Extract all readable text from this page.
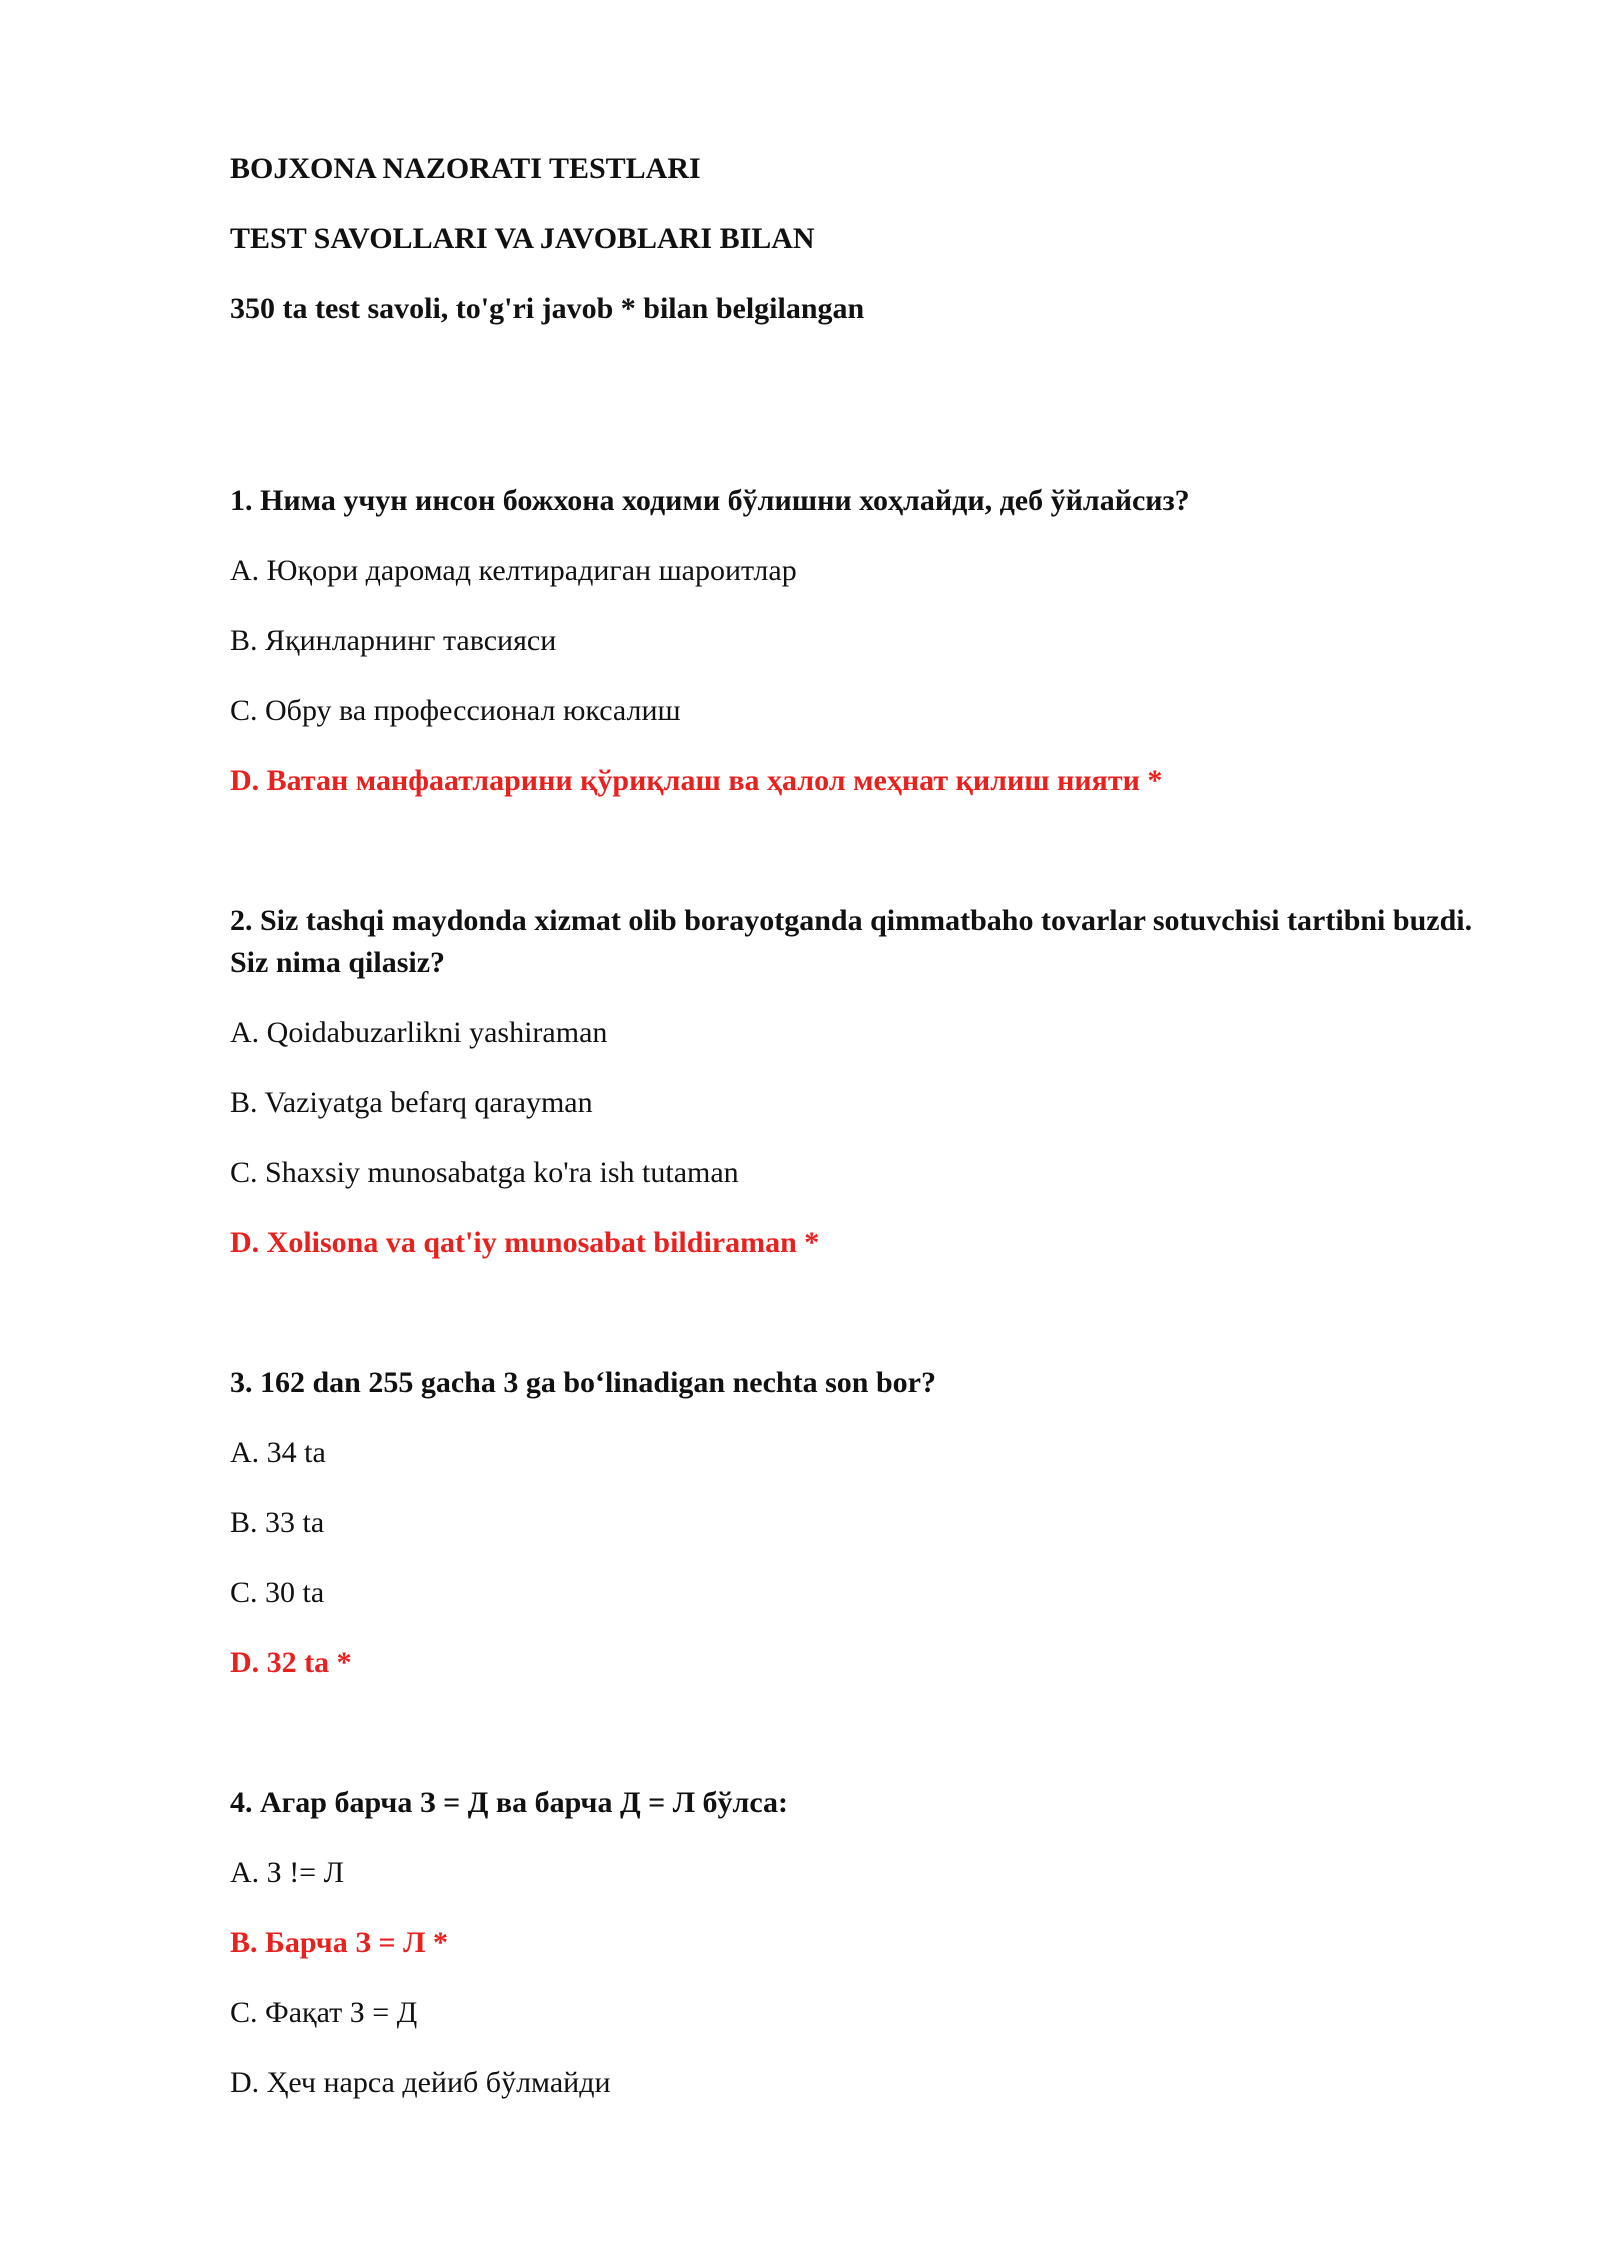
BOJXONA NAZORATI TESTLARI

TEST SAVOLLARI VA JAVOBLARI BILAN

350 ta test savoli, to'g'ri javob * bilan belgilangan

1. Нима учун инсон божхона ходими бўлишни хоҳлайди, деб ўйлайсиз?

A. Юқори даромад келтирадиган шароитлар

B. Яқинларнинг тавсияси

C. Обру ва профессионал юксалиш

D. Ватан манфаатларини қўриқлаш ва ҳалол меҳнат қилиш нияти *

2. Siz tashqi maydonda xizmat olib borayotganda qimmatbaho tovarlar sotuvchisi tartibni buzdi. Siz nima qilasiz?

A. Qoidabuzarlikni yashiraman

B. Vaziyatga befarq qarayman

C. Shaxsiy munosabatga ko'ra ish tutaman

D. Xolisona va qat'iy munosabat bildiraman *

3. 162 dan 255 gacha 3 ga bo‘linadigan nechta son bor?

A. 34 ta

B. 33 ta

C. 30 ta

D. 32 ta *

4. Агар барча З = Д ва барча Д = Л бўлса:

A. З != Л

B. Барча З = Л *

C. Фақат З = Д

D. Ҳеч нарса дейиб бўлмайди
